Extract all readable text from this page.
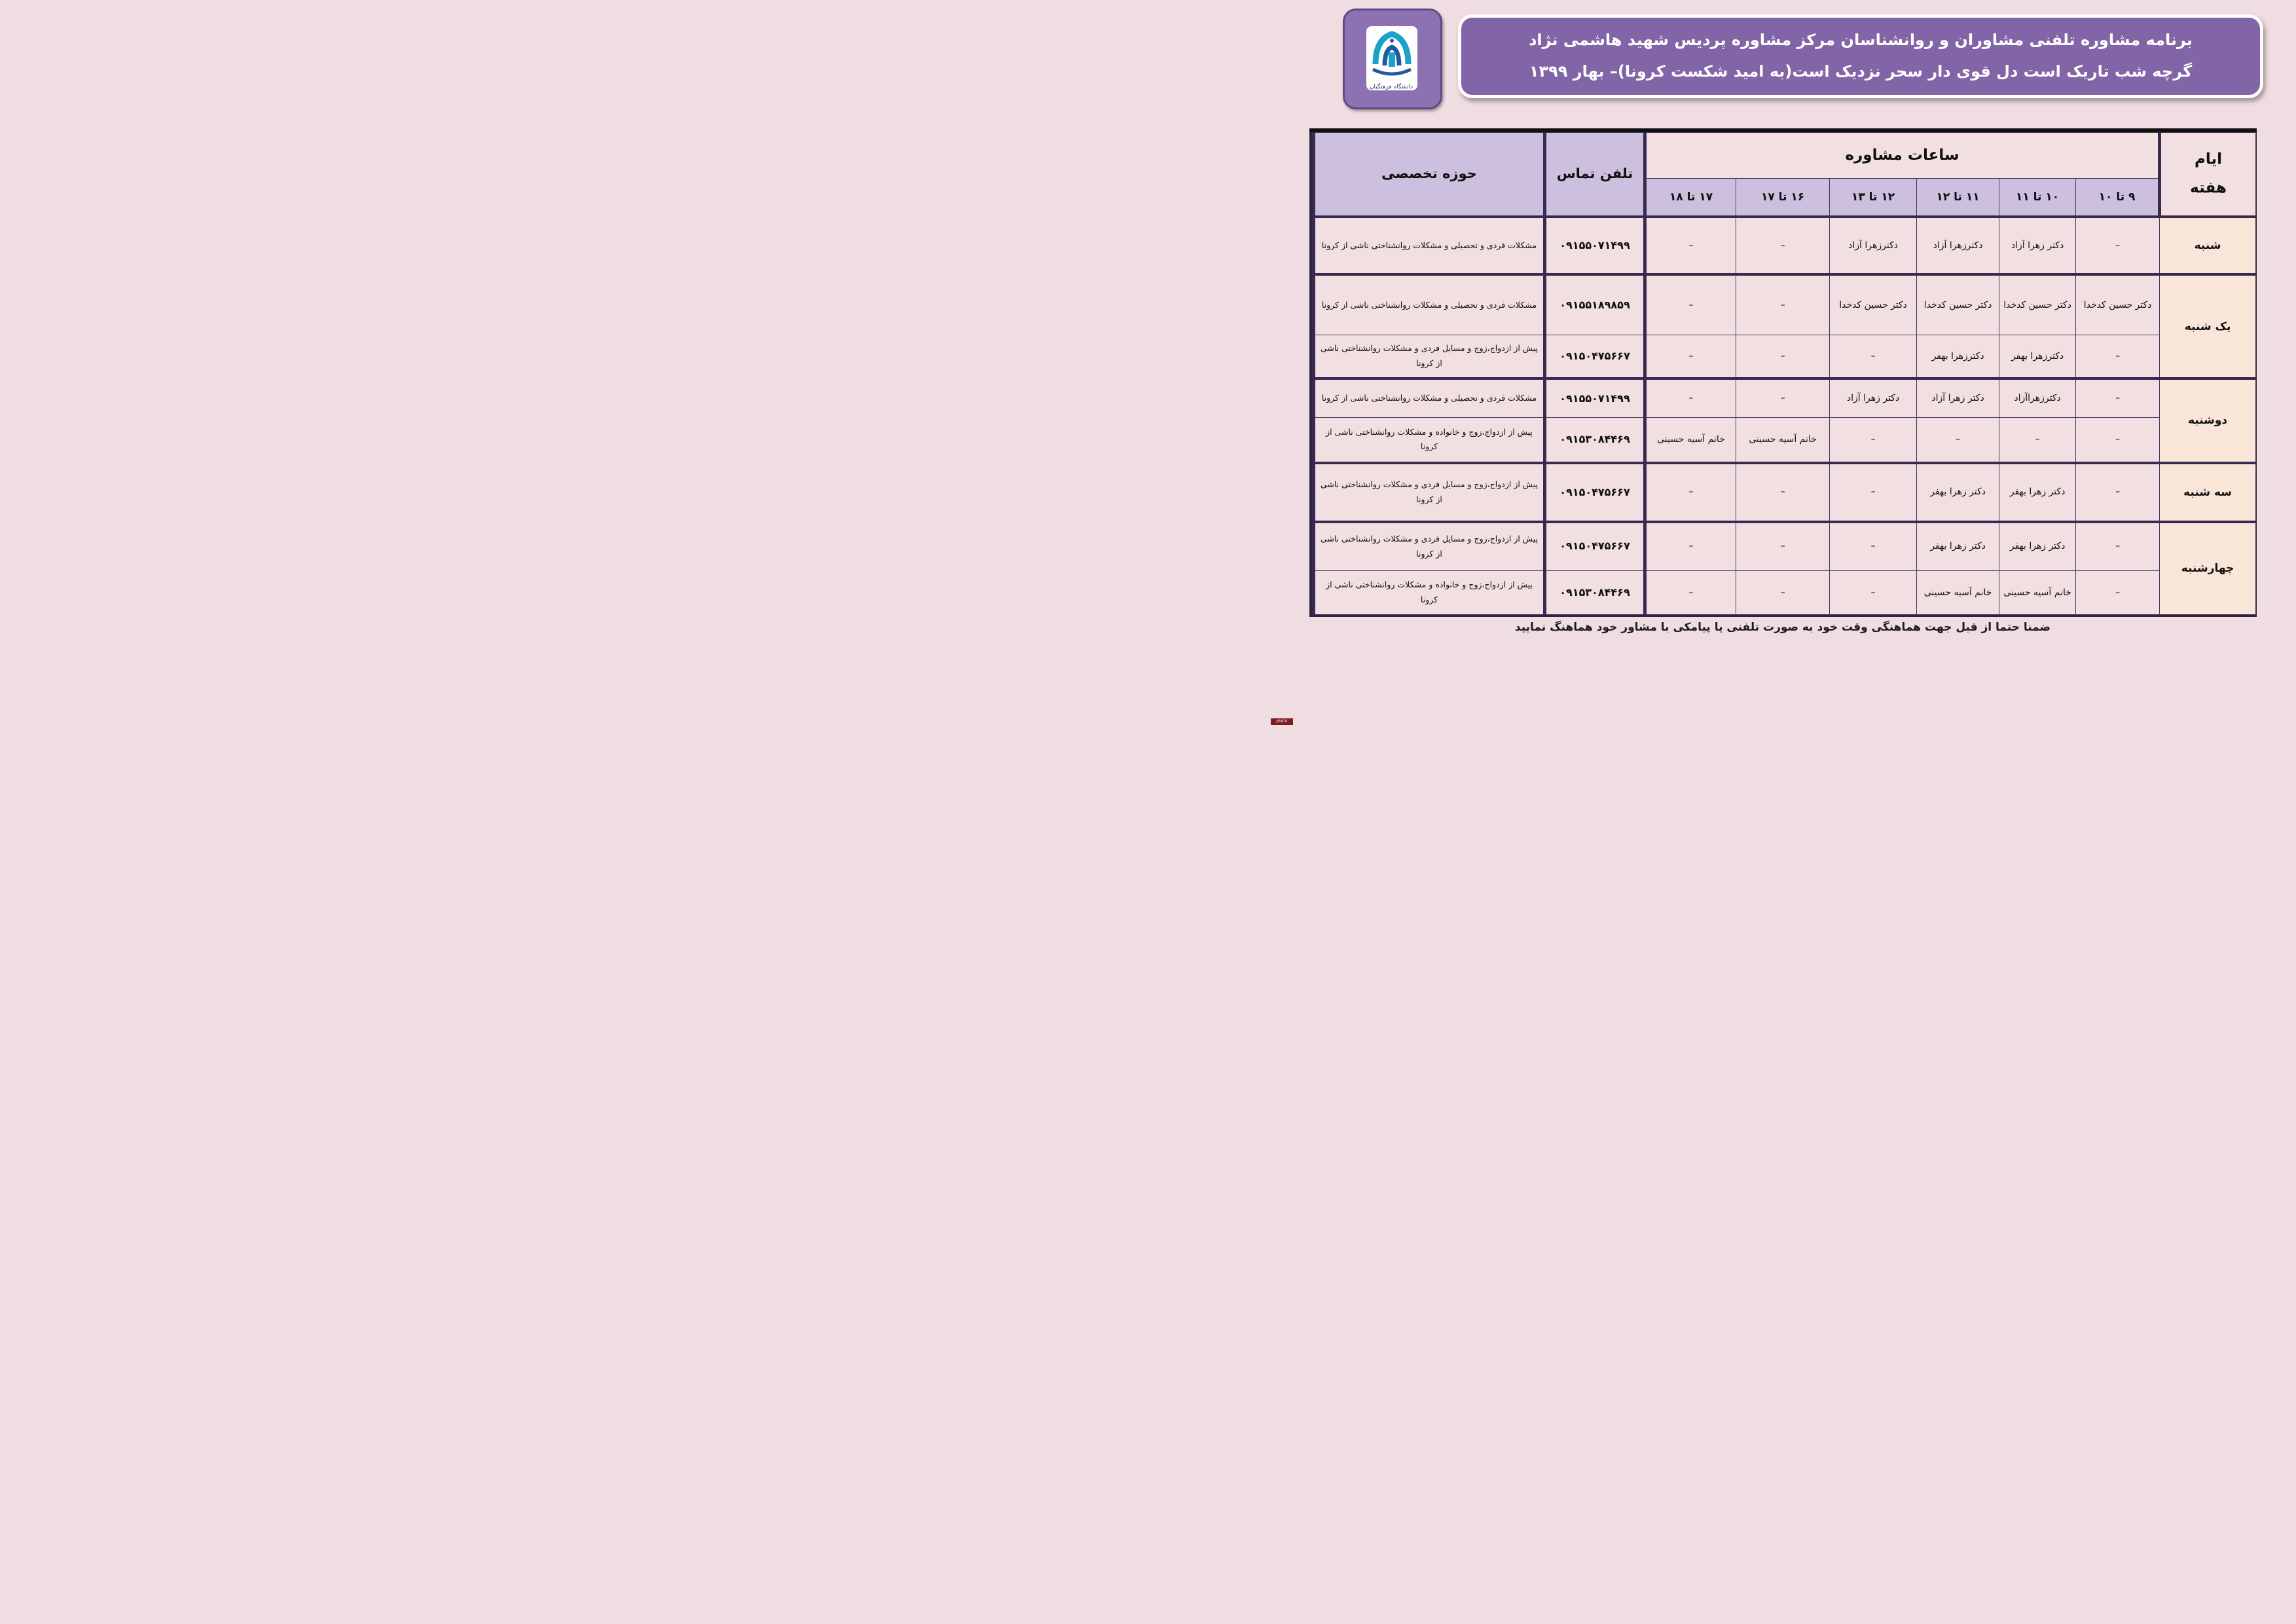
دانشگاه فرهنگیان
برنامه مشاوره تلفنی مشاوران و روانشناسان مرکز مشاوره پردیس شهید هاشمی نژاد
گرچه شب تاریک است دل قوی دار سحر نزدیک است(به امید شکست کرونا)– بهار ۱۳۹۹
ایام
هفته	ساعات مشاوره						تلفن تماس	حوزه تخصصی
	۹ تا ۱۰	۱۰ تا ۱۱	۱۱ تا ۱۲	۱۲ تا ۱۳	۱۶ تا ۱۷	۱۷ تا ۱۸		
شنبه	–	دکتر زهرا آزاد	دکترزهرا آزاد	دکترزهرا آزاد	–	–	۰۹۱۵۵۰۷۱۴۹۹	مشکلات فردی و تحصیلی و مشکلات روانشناختی ناشی از کرونا
یک شنبه	دکتر حسین کدخدا	دکتر حسین کدخدا	دکتر حسین کدخدا	دکتر حسین کدخدا	–	–	۰۹۱۵۵۱۸۹۸۵۹	مشکلات فردی و تحصیلی و مشکلات روانشناختی ناشی از کرونا
	–	دکترزهرا بهفر	دکترزهرا بهفر	–	–	–	۰۹۱۵۰۴۷۵۶۶۷	پیش از ازدواج،زوج و مسایل فردی و مشکلات روانشناختی ناشی از کرونا
دوشنبه	–	دکترزهراآزاد	دکتر زهرا آزاد	دکتر زهرا آزاد	–	–	۰۹۱۵۵۰۷۱۴۹۹	مشکلات فردی و تحصیلی و مشکلات روانشناختی ناشی از کرونا
	–	–	–	–	خانم آسیه حسینی	خانم آسیه حسینی	۰۹۱۵۳۰۸۴۴۶۹	پیش از ازدواج،زوج و خانواده و مشکلات روانشناختی ناشی از کرونا
سه شنبه	–	دکتر زهرا بهفر	دکتر زهرا بهفر	–	–	–	۰۹۱۵۰۴۷۵۶۶۷	پیش از ازدواج،زوج و مسایل فردی و مشکلات روانشناختی ناشی از کرونا
چهارشنبه	–	دکتر زهرا بهفر	دکتر زهرا بهفر	–	–	–	۰۹۱۵۰۴۷۵۶۶۷	پیش از ازدواج،زوج و مسایل فردی و مشکلات روانشناختی ناشی از کرونا
	–	خانم آسیه حسینی	خانم آسیه حسینی	–	–	–	۰۹۱۵۳۰۸۴۴۶۹	پیش از ازدواج،زوج و خانواده و مشکلات روانشناختی ناشی از کرونا
ضمنا حتما از قبل جهت هماهنگی وقت خود به صورت تلفنی یا پیامکی با مشاور خود هماهنگ نمایید
phd.ir
